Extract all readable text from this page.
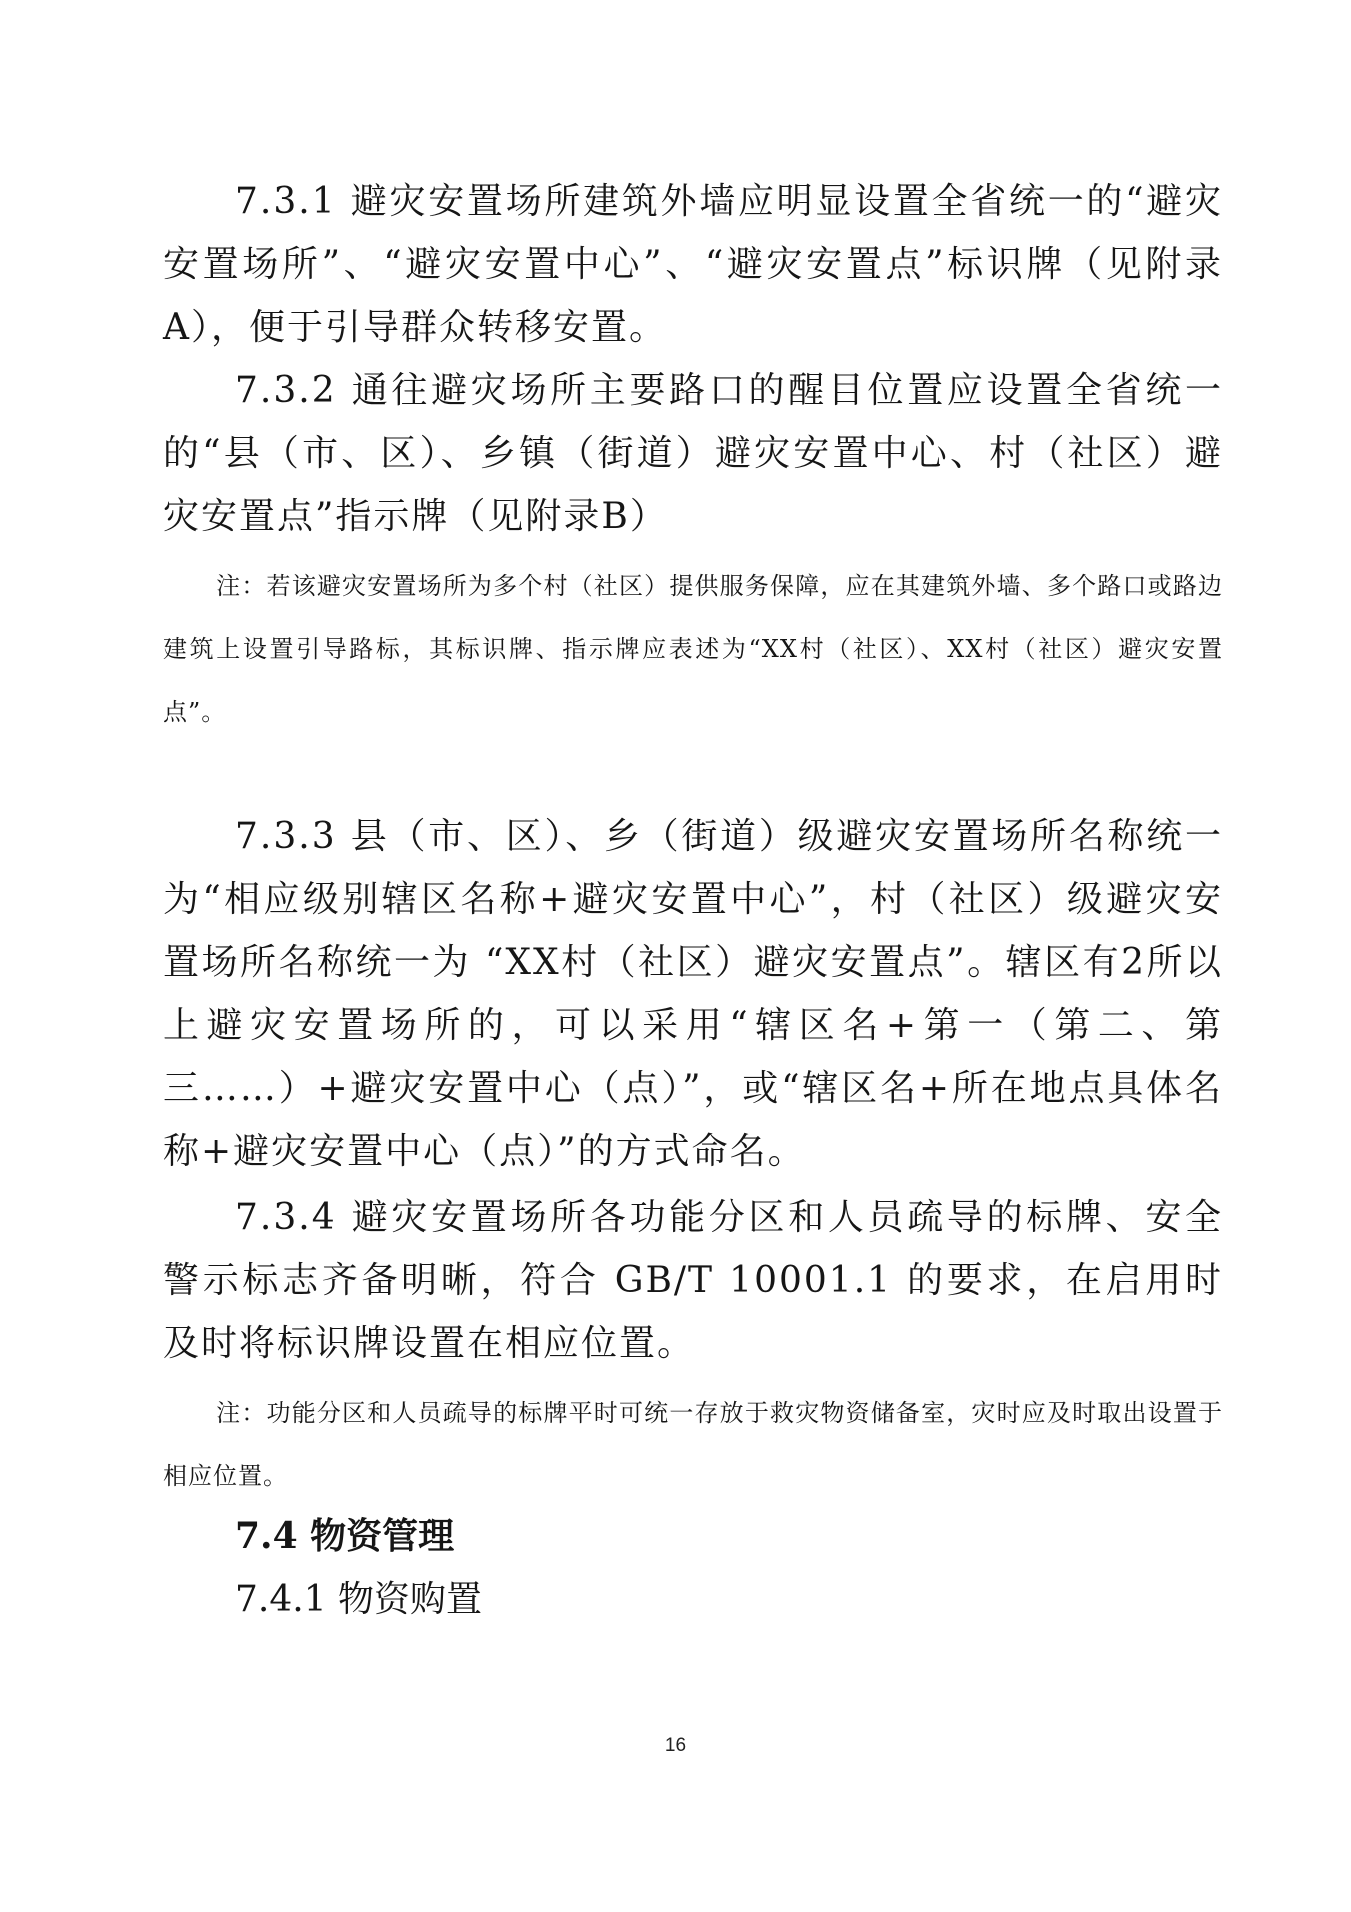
7.3.1 避灾安置场所建筑外墙应明显设置全省统一的“避灾安置场所”、“避灾安置中心”、“避灾安置点”标识牌（见附录A），便于引导群众转移安置。

7.3.2 通往避灾场所主要路口的醒目位置应设置全省统一的“县（市、区）、乡镇（街道）避灾安置中心、村（社区）避灾安置点”指示牌（见附录B）

注：若该避灾安置场所为多个村（社区）提供服务保障，应在其建筑外墙、多个路口或路边建筑上设置引导路标，其标识牌、指示牌应表述为“XX村（社区）、XX村（社区）避灾安置点”。

7.3.3 县（市、区）、乡（街道）级避灾安置场所名称统一为“相应级别辖区名称+避灾安置中心”，村（社区）级避灾安置场所名称统一为 “XX村（社区）避灾安置点”。辖区有2所以上避灾安置场所的，可以采用“辖区名+第一（第二、第三……）+避灾安置中心（点）”，或“辖区名+所在地点具体名称+避灾安置中心（点）”的方式命名。

7.3.4 避灾安置场所各功能分区和人员疏导的标牌、安全警示标志齐备明晰，符合 GB/T 10001.1 的要求，在启用时及时将标识牌设置在相应位置。

注：功能分区和人员疏导的标牌平时可统一存放于救灾物资储备室，灾时应及时取出设置于相应位置。

7.4 物资管理

7.4.1 物资购置

16
